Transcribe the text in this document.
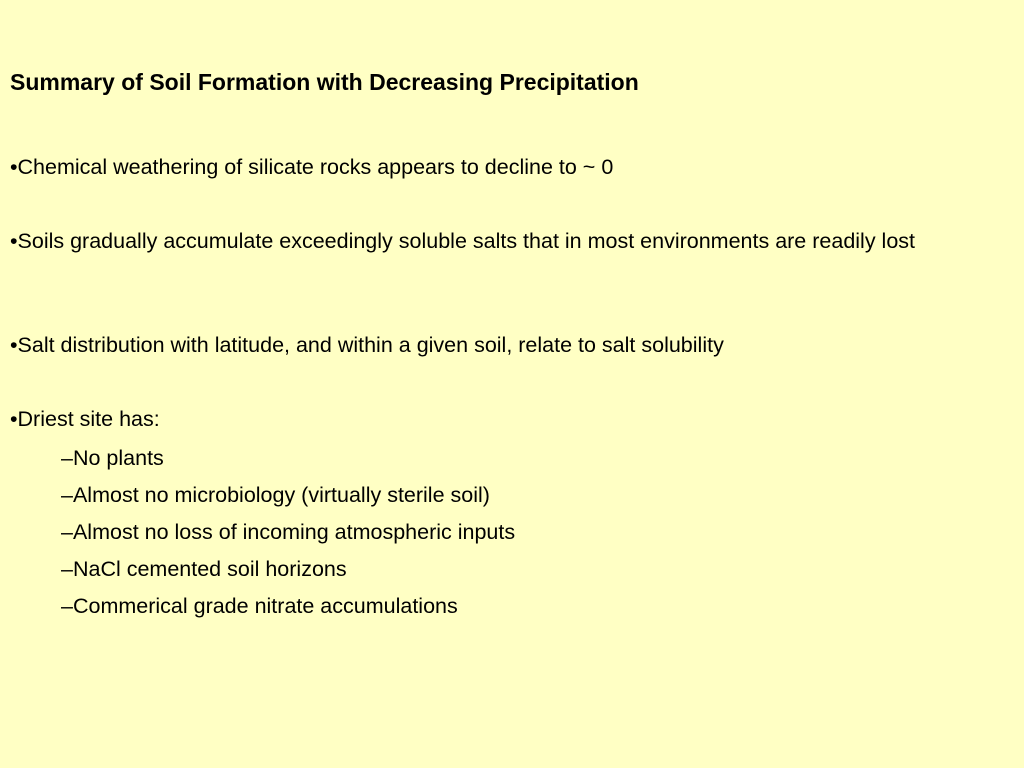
Summary of Soil Formation with Decreasing Precipitation

•Chemical weathering of silicate rocks appears to decline to ~ 0

•Soils gradually accumulate exceedingly soluble salts that in most environments are readily lost

•Salt distribution with latitude, and within a given soil, relate to salt solubility

•Driest site has:

–No plants
–Almost no microbiology (virtually sterile soil)
–Almost no loss of incoming atmospheric inputs
–NaCl cemented soil horizons
–Commerical grade nitrate accumulations
